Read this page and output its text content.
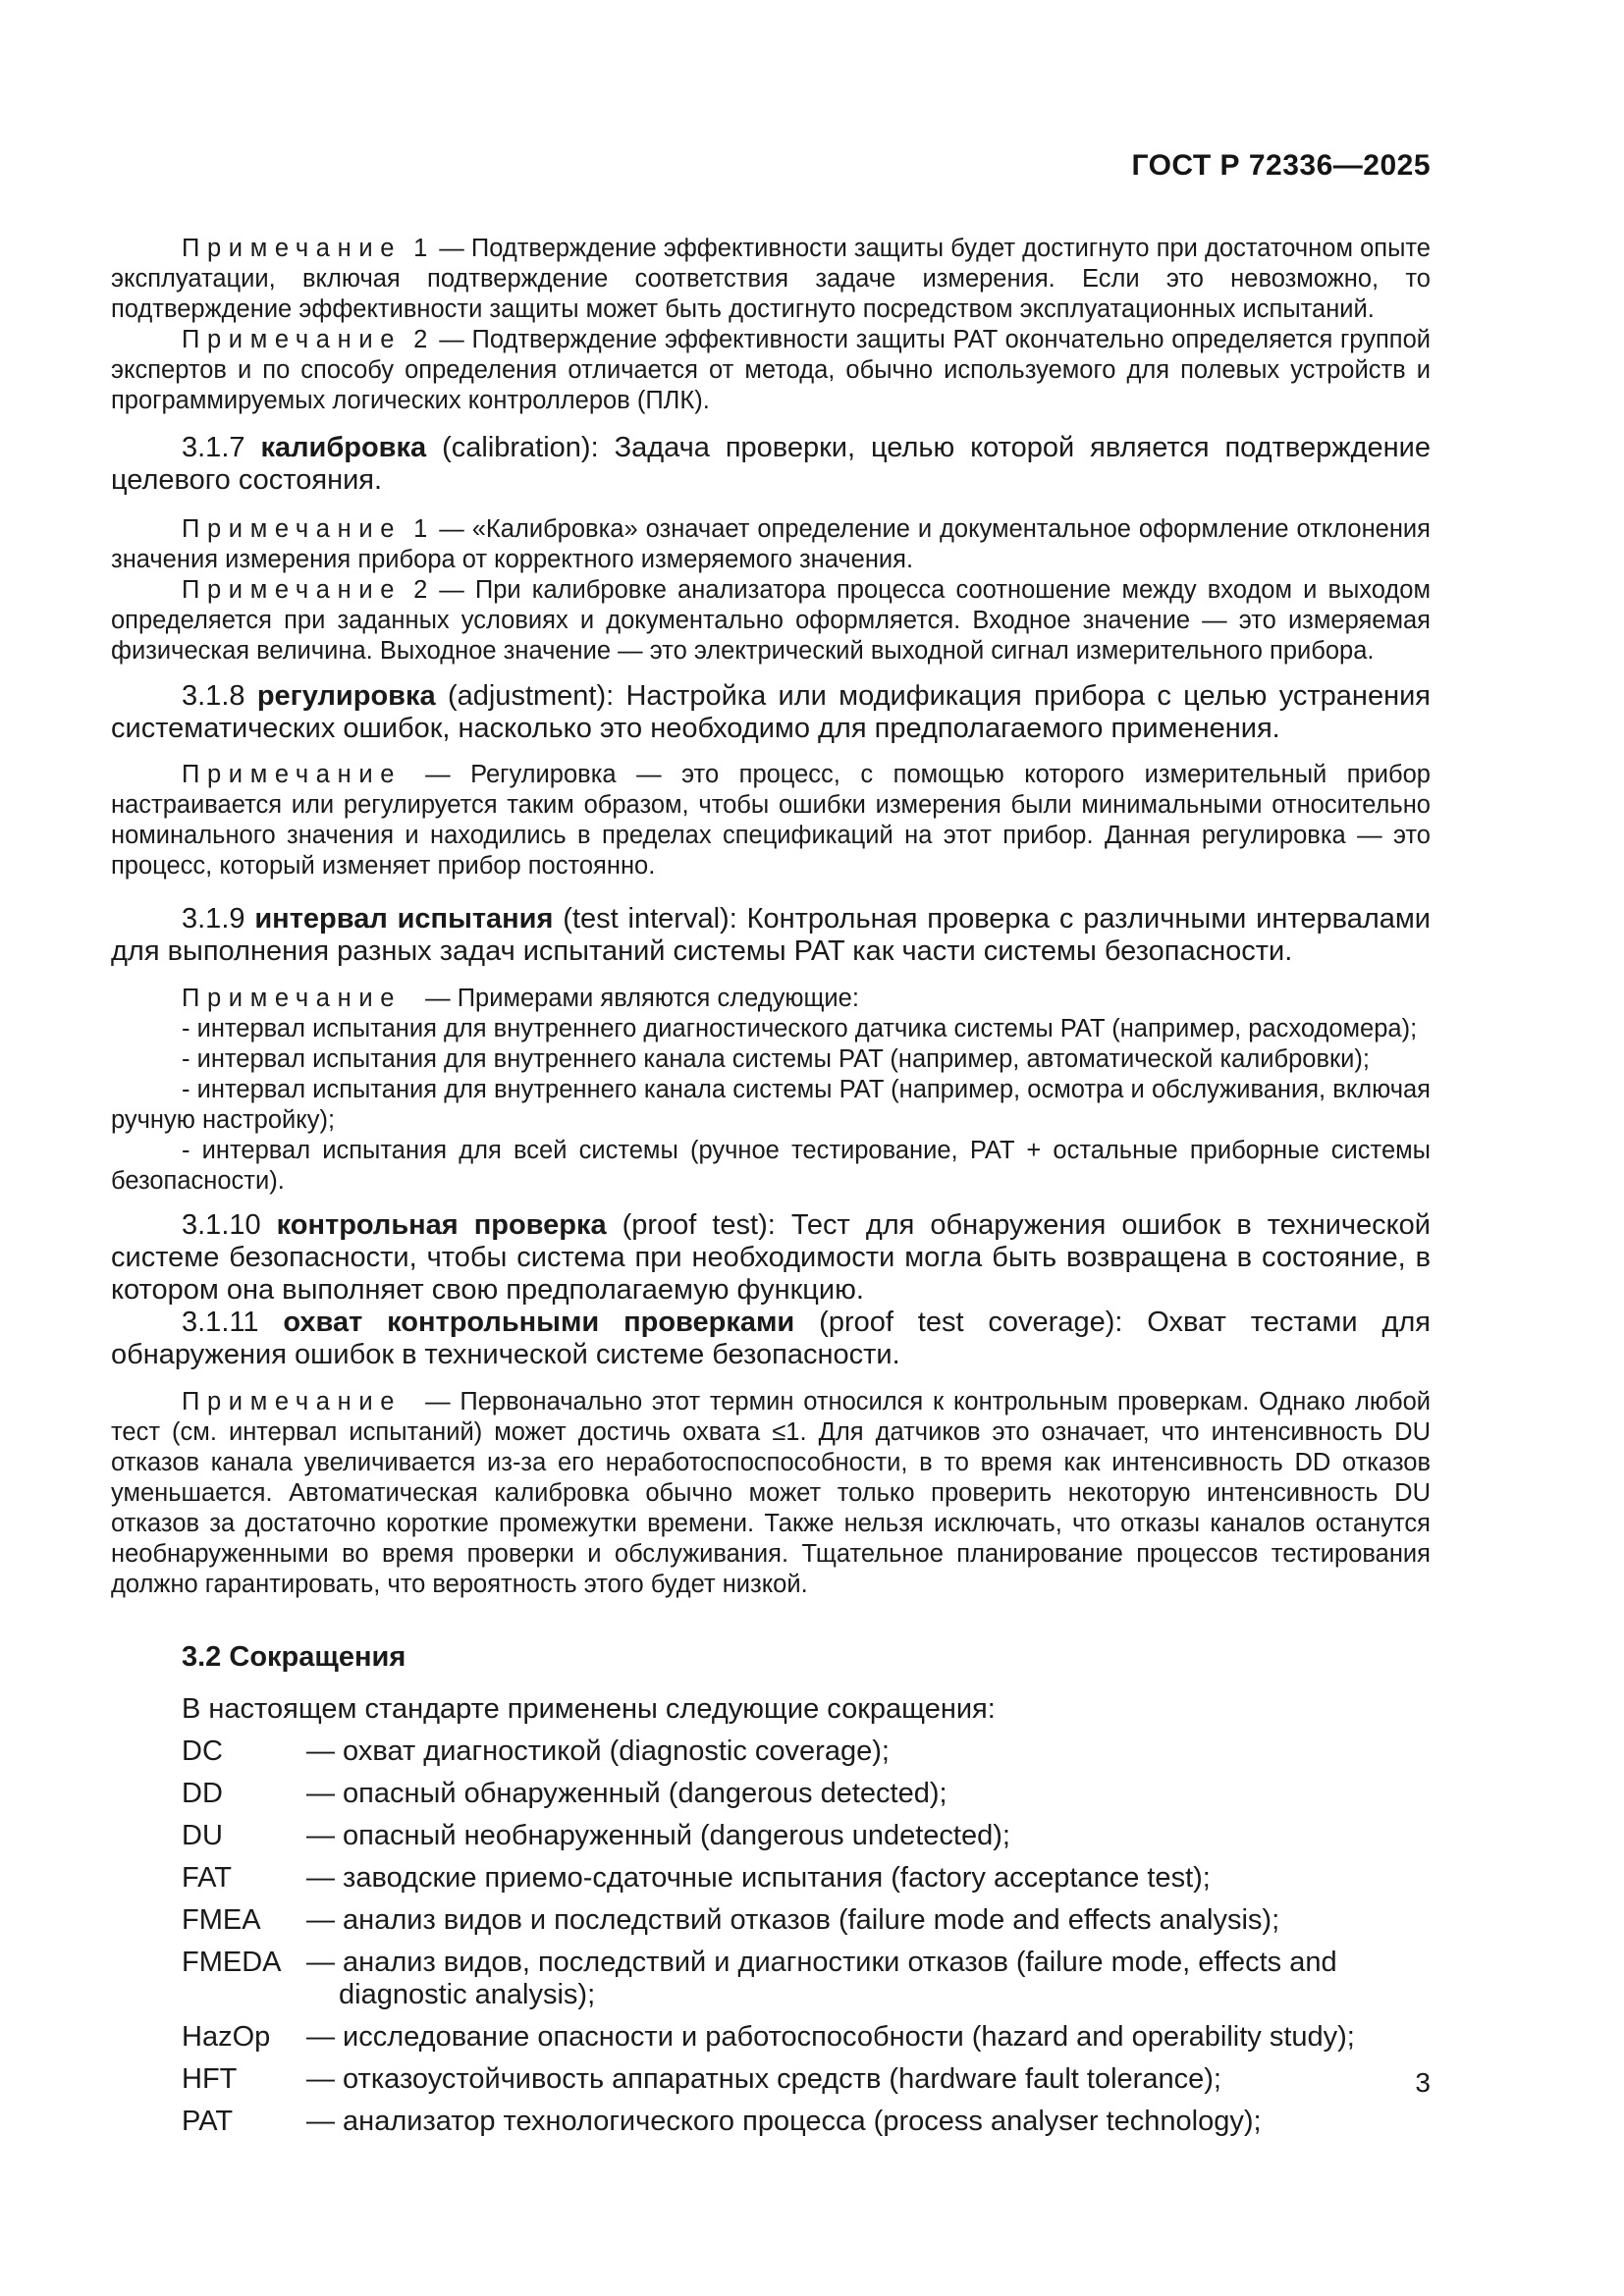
ГОСТ Р 72336—2025

Примечание 1 — Подтверждение эффективности защиты будет достигнуто при достаточном опыте эксплуатации, включая подтверждение соответствия задаче измерения. Если это невозможно, то подтверждение эффективности защиты может быть достигнуто посредством эксплуатационных испытаний.

Примечание 2 — Подтверждение эффективности защиты PAT окончательно определяется группой экспертов и по способу определения отличается от метода, обычно используемого для полевых устройств и программируемых логических контроллеров (ПЛК).

3.1.7 калибровка (calibration): Задача проверки, целью которой является подтверждение целевого состояния.

Примечание 1 — «Калибровка» означает определение и документальное оформление отклонения значения измерения прибора от корректного измеряемого значения.

Примечание 2 — При калибровке анализатора процесса соотношение между входом и выходом определяется при заданных условиях и документально оформляется. Входное значение — это измеряемая физическая величина. Выходное значение — это электрический выходной сигнал измерительного прибора.

3.1.8 регулировка (adjustment): Настройка или модификация прибора с целью устранения систематических ошибок, насколько это необходимо для предполагаемого применения.

Примечание — Регулировка — это процесс, с помощью которого измерительный прибор настраивается или регулируется таким образом, чтобы ошибки измерения были минимальными относительно номинального значения и находились в пределах спецификаций на этот прибор. Данная регулировка — это процесс, который изменяет прибор постоянно.

3.1.9 интервал испытания (test interval): Контрольная проверка с различными интервалами для выполнения разных задач испытаний системы PAT как части системы безопасности.

Примечание — Примерами являются следующие:

- интервал испытания для внутреннего диагностического датчика системы PAT (например, расходомера);

- интервал испытания для внутреннего канала системы PAT (например, автоматической калибровки);

- интервал испытания для внутреннего канала системы PAT (например, осмотра и обслуживания, включая ручную настройку);

- интервал испытания для всей системы (ручное тестирование, PAT + остальные приборные системы безопасности).

3.1.10 контрольная проверка (proof test): Тест для обнаружения ошибок в технической системе безопасности, чтобы система при необходимости могла быть возвращена в состояние, в котором она выполняет свою предполагаемую функцию.

3.1.11 охват контрольными проверками (proof test coverage): Охват тестами для обнаружения ошибок в технической системе безопасности.

Примечание — Первоначально этот термин относился к контрольным проверкам. Однако любой тест (см. интервал испытаний) может достичь охвата ≤1. Для датчиков это означает, что интенсивность DU отказов канала увеличивается из-за его неработоспоспособности, в то время как интенсивность DD отказов уменьшается. Автоматическая калибровка обычно может только проверить некоторую интенсивность DU отказов за достаточно короткие промежутки времени. Также нельзя исключать, что отказы каналов останутся необнаруженными во время проверки и обслуживания. Тщательное планирование процессов тестирования должно гарантировать, что вероятность этого будет низкой.

3.2 Сокращения

В настоящем стандарте применены следующие сокращения:

DC	— охват диагностикой (diagnostic coverage);
DD	— опасный обнаруженный (dangerous detected);
DU	— опасный необнаруженный (dangerous undetected);
FAT	— заводские приемо-сдаточные испытания (factory acceptance test);
FMEA	— анализ видов и последствий отказов (failure mode and effects analysis);
FMEDA — анализ видов, последствий и диагностики отказов (failure mode, effects and diagnostic analysis);
HazOp	— исследование опасности и работоспособности (hazard and operability study);
HFT	— отказоустойчивость аппаратных средств (hardware fault tolerance);
PAT	— анализатор технологического процесса (process analyser technology);
3
